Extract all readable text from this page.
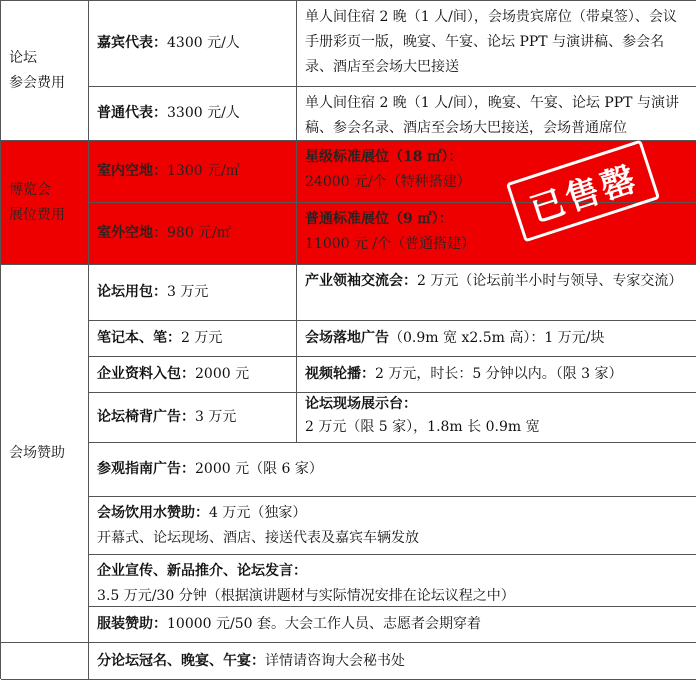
论坛
参会费用
博览会
展位费用
会场赞助
嘉宾代表： 4300 元/人
单人间住宿 2 晚（1 人/间），会场贵宾席位（带桌签）、会议手册彩页一版，晚宴、午宴、论坛 PPT 与演讲稿、参会名录、酒店至会场大巴接送
普通代表： 3300 元/人
单人间住宿 2 晚（1 人/间），晚宴、午宴、论坛 PPT 与演讲稿、参会名录、酒店至会场大巴接送，会场普通席位
室内空地： 1300 元/㎡
星级标准展位（18 ㎡）：
24000 元/个（特种搭建）
室外空地： 980 元/㎡
普通标准展位（9 ㎡）：
11000 元 /个（普通搭建）
论坛用包： 3 万元
产业领袖交流会：2 万元（论坛前半小时与领导、专家交流）
笔记本、笔： 2 万元	会场落地广告 （0.9m 宽 x2.5m 高）：1 万元/块
企业资料入包： 2000 元	视频轮播： 2 万元，时长：5 分钟以内。（限 3 家）
论坛椅背广告： 3 万元
论坛现场展示台：
2 万元（限 5 家），1.8m 长 0.9m 宽
参观指南广告： 2000 元（限 6 家）
会场饮用水赞助：4 万元（独家）
开幕式、论坛现场、酒店、接送代表及嘉宾车辆发放
企业宣传、新品推介、论坛发言：
3.5 万元/30 分钟（根据演讲题材与实际情况安排在论坛议程之中）
服装赞助： 10000 元/50 套。大会工作人员、志愿者会期穿着
分论坛冠名、晚宴、午宴： 详情请咨询大会秘书处
已售罄
